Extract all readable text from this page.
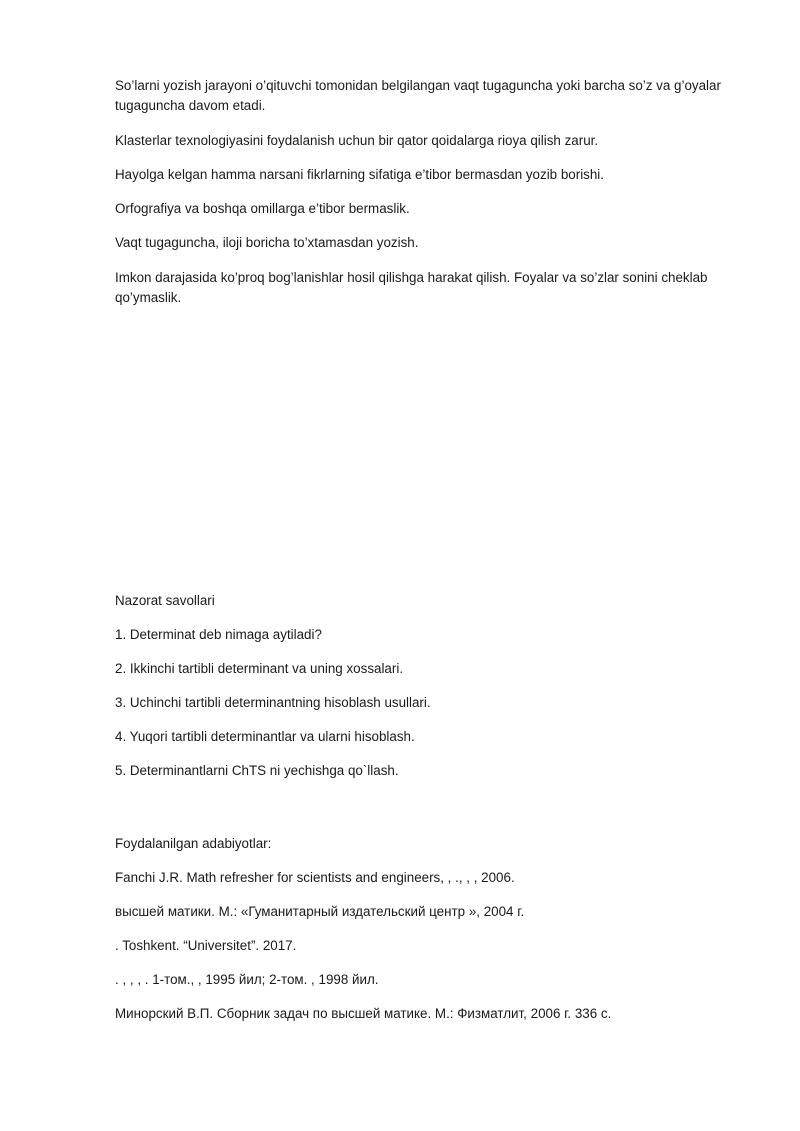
So’larni yozish jarayoni o’qituvchi tomonidan belgilangan vaqt tugaguncha yoki barcha so’z va g’oyalar tugaguncha davom etadi.

Klasterlar texnologiyasini foydalanish uchun bir qator qoidalarga rioya qilish zarur.

Hayolga kelgan hamma narsani fikrlarning sifatiga e’tibor bermasdan yozib borishi.

Orfografiya va boshqa omillarga e’tibor bermaslik.

Vaqt tugaguncha, iloji boricha to’xtamasdan yozish.

Imkon darajasida ko’proq bog’lanishlar hosil qilishga harakat qilish. Foyalar va so’zlar sonini cheklab qo’ymaslik.

Nazorat savollari

1. Determinat deb nimaga aytiladi?

2. Ikkinchi tartibli determinant va uning xossalari.

3. Uchinchi tartibli determinantning hisoblash usullari.

4. Yuqori tartibli determinantlar va ularni hisoblash.

5. Determinantlarni ChTS ni yechishga qo`llash.

Foydalanilgan adabiyotlar:

Fanchi J.R. Math refresher for scientists and engineers, , ., , , 2006.

высшей матики. М.: «Гуманитарный издательский центр », 2004 г.

. Toshkent. “Universitet”. 2017.

. , , , . 1-том., , 1995 йил; 2-том. , 1998 йил.

Минорский В.П. Сборник задач по высшей матике. М.: Физматлит, 2006 г. 336 с.
